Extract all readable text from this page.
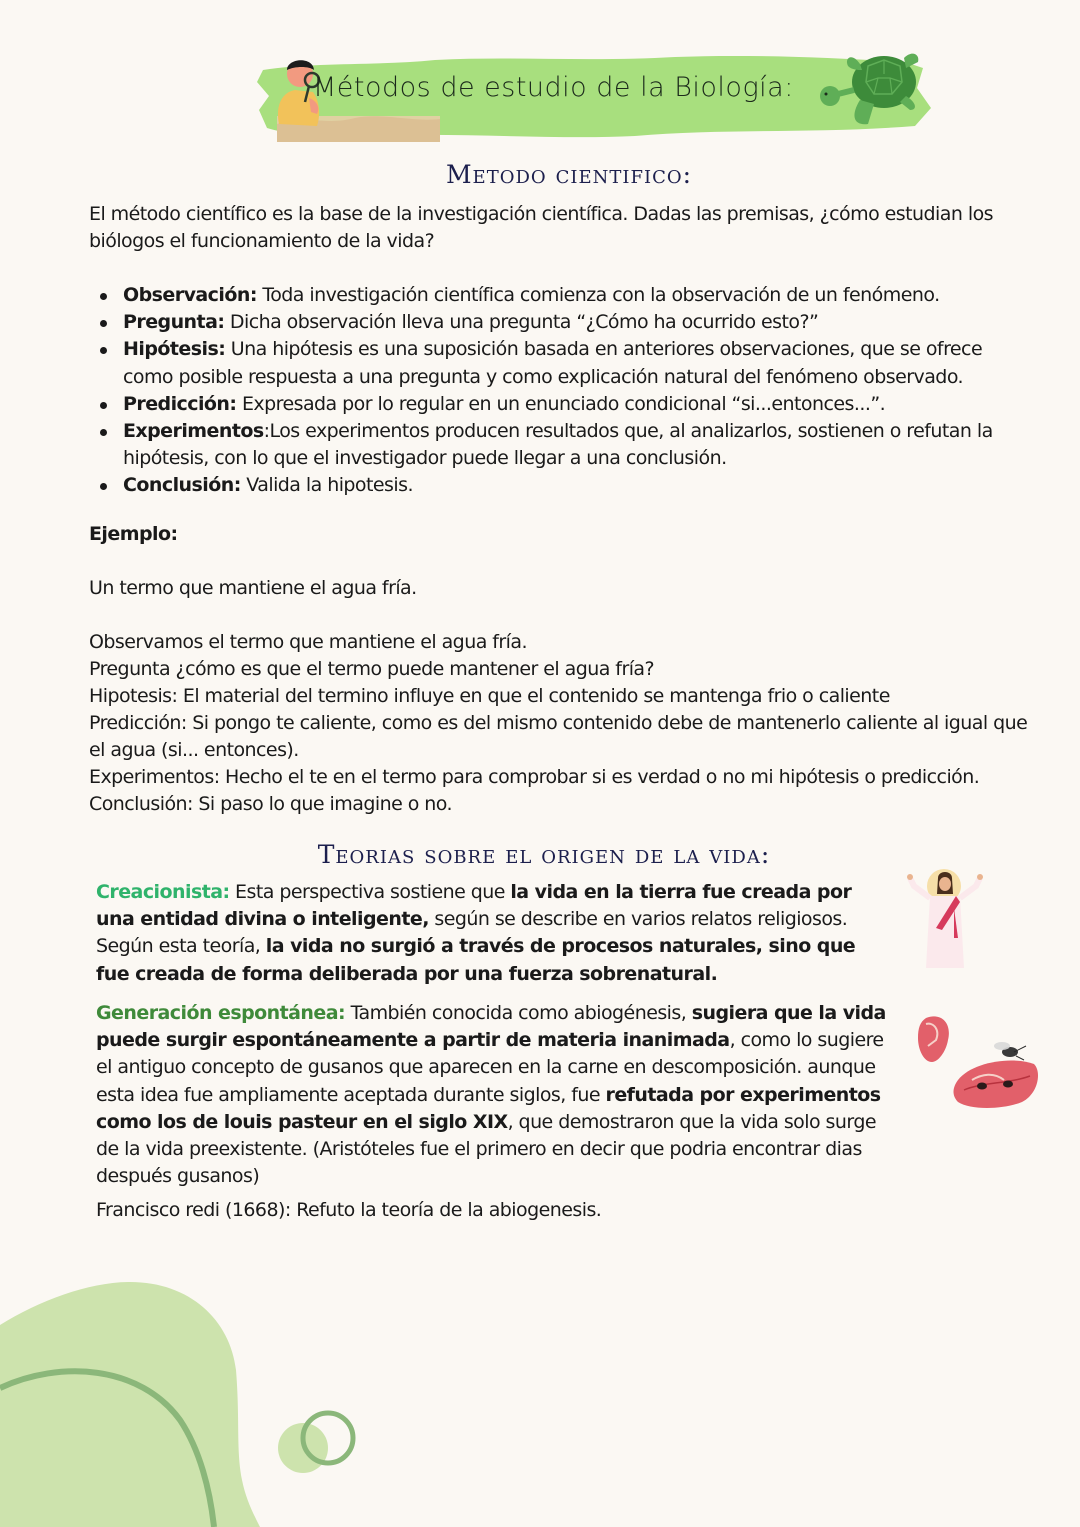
Métodos de estudio de la Biología:
Metodo cientifico:

El método científico es la base de la investigación científica. Dadas las premisas, ¿cómo estudian los biólogos el funcionamiento de la vida?

Observación: Toda investigación científica comienza con la observación de un fenómeno.
Pregunta: Dicha observación lleva una pregunta “¿Cómo ha ocurrido esto?”
Hipótesis: Una hipótesis es una suposición basada en anteriores observaciones, que se ofrece como posible respuesta a una pregunta y como explicación natural del fenómeno observado.
Predicción: Expresada por lo regular en un enunciado condicional “si...entonces...”.
Experimentos:Los experimentos producen resultados que, al analizarlos, sostienen o refutan la hipótesis, con lo que el investigador puede llegar a una conclusión.
Conclusión: Valida la hipotesis.

Ejemplo:

Un termo que mantiene el agua fría.

Observamos el termo que mantiene el agua fría.

Pregunta ¿cómo es que el termo puede mantener el agua fría?

Hipotesis: El material del termino influye en que el contenido se mantenga frio o caliente

Predicción: Si pongo te caliente, como es del mismo contenido debe de mantenerlo caliente al igual que el agua (si... entonces).

Experimentos: Hecho el te en el termo para comprobar si es verdad o no mi hipótesis o predicción.

Conclusión: Si paso lo que imagine o no.

Teorias sobre el origen de la vida:

Creacionista: Esta perspectiva sostiene que la vida en la tierra fue creada por una entidad divina o inteligente, según se describe en varios relatos religiosos. Según esta teoría, la vida no surgió a través de procesos naturales, sino que fue creada de forma deliberada por una fuerza sobrenatural.

Generación espontánea: También conocida como abiogénesis, sugiera que la vida puede surgir espontáneamente a partir de materia inanimada, como lo sugiere el antiguo concepto de gusanos que aparecen en la carne en descomposición. aunque esta idea fue ampliamente aceptada durante siglos, fue refutada por experimentos como los de louis pasteur en el siglo XIX, que demostraron que la vida solo surge de la vida preexistente. (Aristóteles fue el primero en decir que podria encontrar dias después gusanos)

Francisco redi (1668): Refuto la teoría de la abiogenesis.
